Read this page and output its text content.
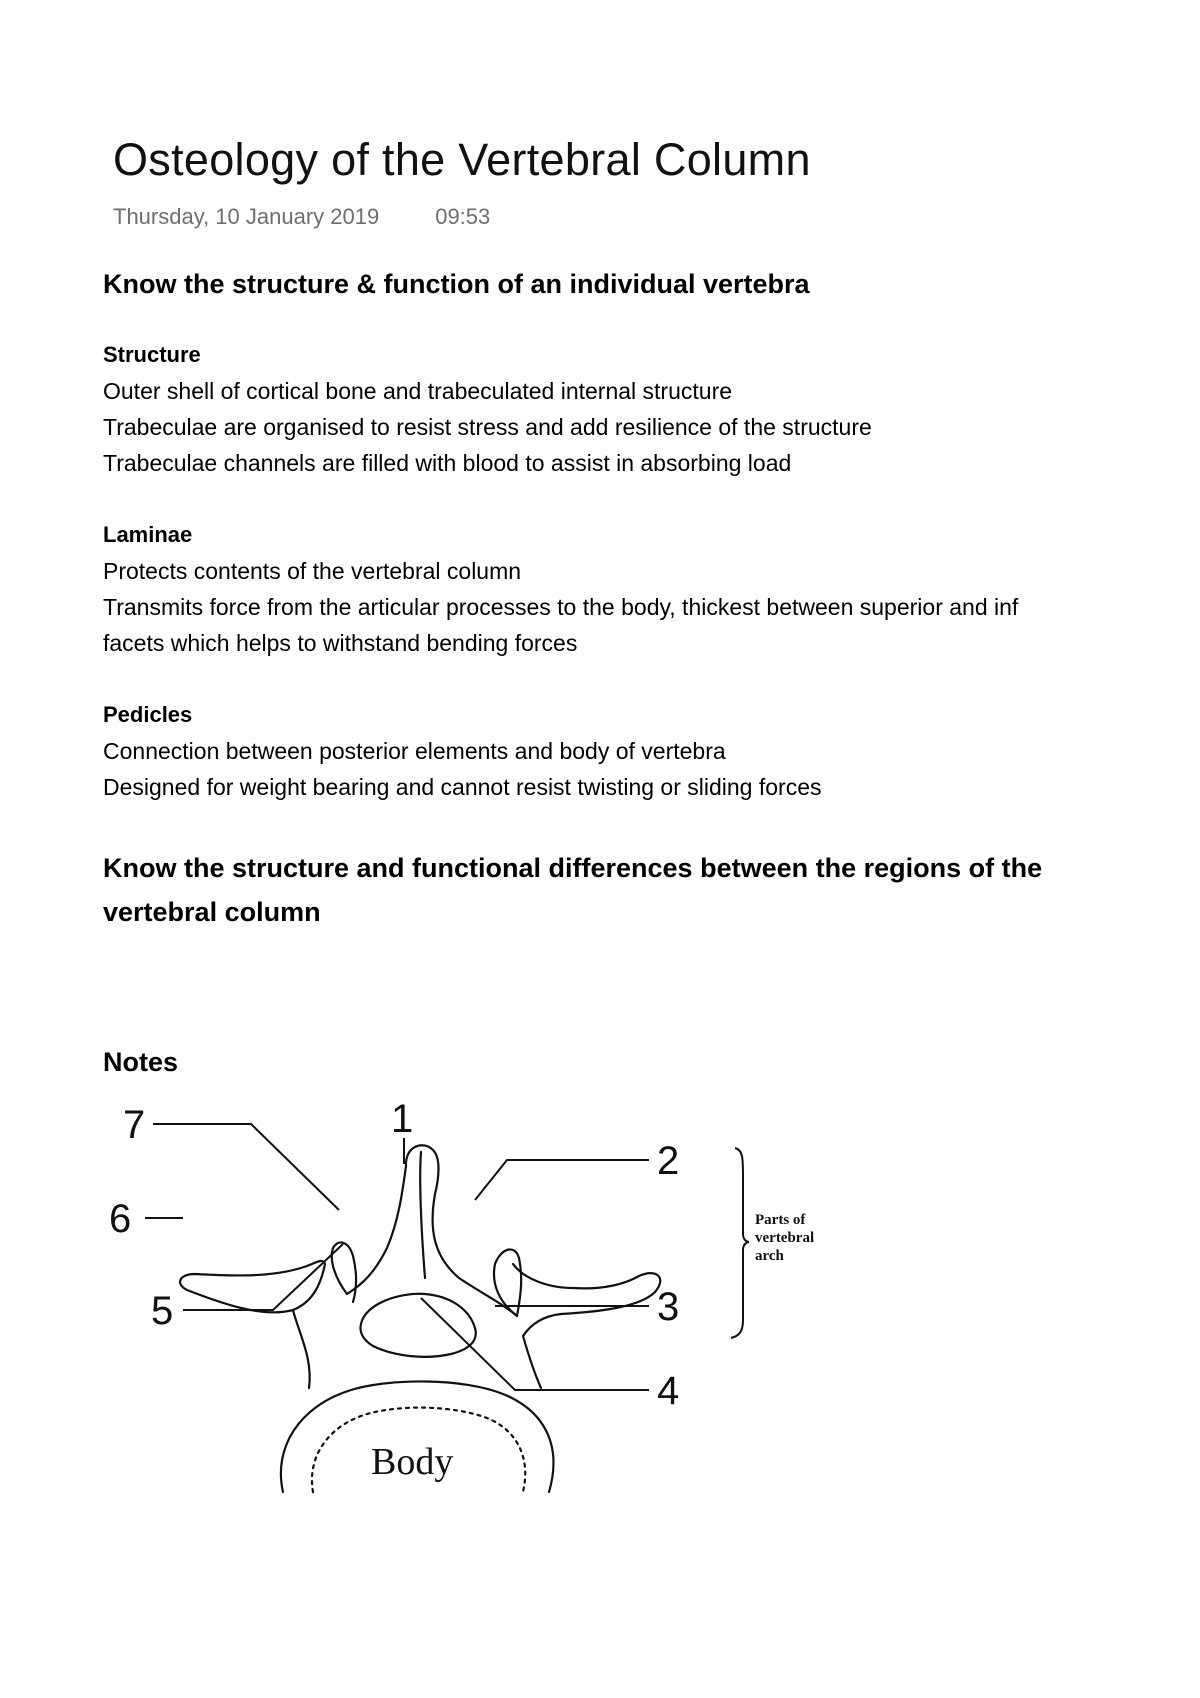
Osteology of the Vertebral Column
Thursday, 10 January 2019	09:53
Know the structure & function of an individual vertebra
Structure

Outer shell of cortical bone and trabeculated internal structure

Trabeculae are organised to resist stress and add resilience of the structure

Trabeculae channels are filled with blood to assist in absorbing load

Laminae

Protects contents of the vertebral column

Transmits force from the articular processes to the body, thickest between superior and inf

facets which helps to withstand bending forces

Pedicles

Connection between posterior elements and body of vertebra

Designed for weight bearing and cannot resist twisting or sliding forces

Know the structure and functional differences between the regions of the
vertebral column
Notes
1
2
3
4
5
6
7
Body
Parts of
vertebral
arch
